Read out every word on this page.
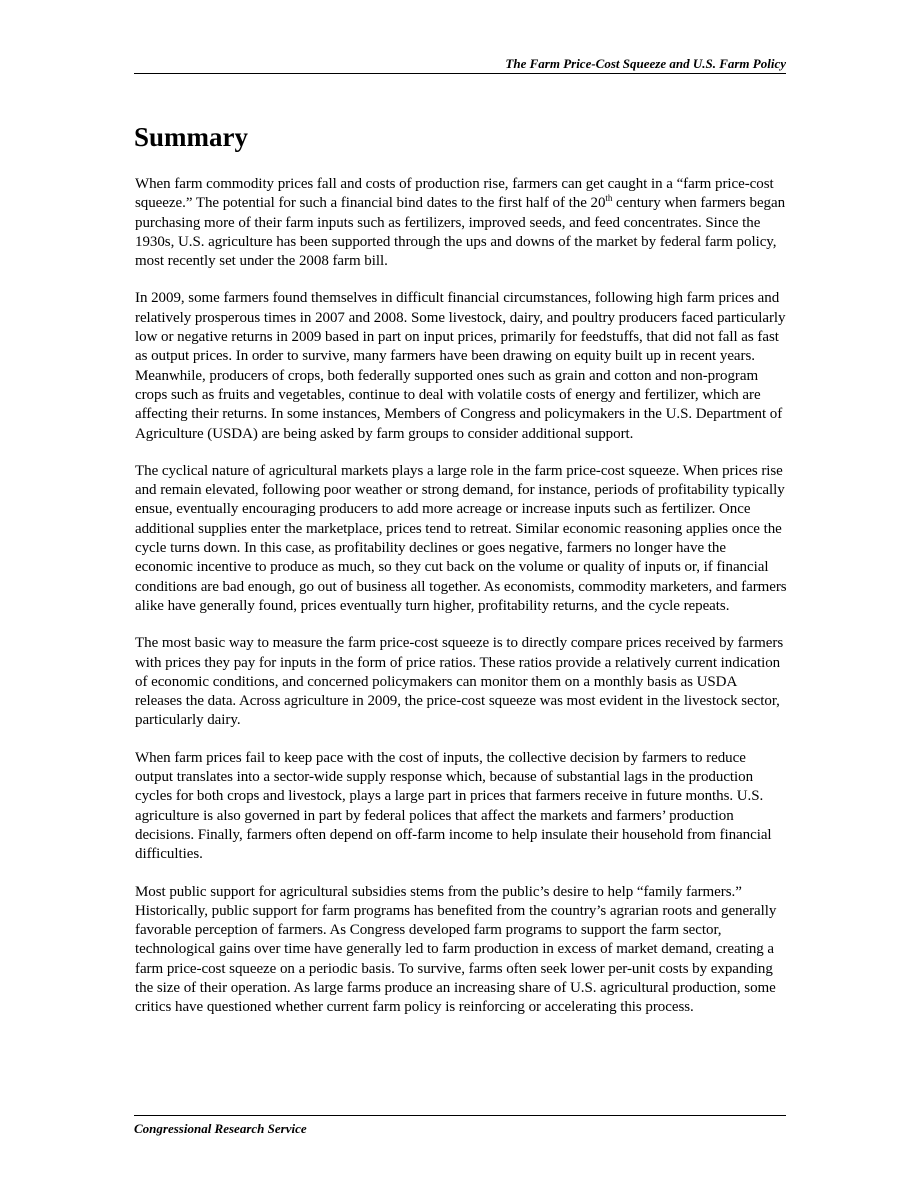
The Farm Price-Cost Squeeze and U.S. Farm Policy
Summary

When farm commodity prices fall and costs of production rise, farmers can get caught in a “farm price-cost squeeze.” The potential for such a financial bind dates to the first half of the 20th century when farmers began purchasing more of their farm inputs such as fertilizers, improved seeds, and feed concentrates. Since the 1930s, U.S. agriculture has been supported through the ups and downs of the market by federal farm policy, most recently set under the 2008 farm bill.

In 2009, some farmers found themselves in difficult financial circumstances, following high farm prices and relatively prosperous times in 2007 and 2008. Some livestock, dairy, and poultry producers faced particularly low or negative returns in 2009 based in part on input prices, primarily for feedstuffs, that did not fall as fast as output prices. In order to survive, many farmers have been drawing on equity built up in recent years. Meanwhile, producers of crops, both federally supported ones such as grain and cotton and non-program crops such as fruits and vegetables, continue to deal with volatile costs of energy and fertilizer, which are affecting their returns. In some instances, Members of Congress and policymakers in the U.S. Department of Agriculture (USDA) are being asked by farm groups to consider additional support.

The cyclical nature of agricultural markets plays a large role in the farm price-cost squeeze. When prices rise and remain elevated, following poor weather or strong demand, for instance, periods of profitability typically ensue, eventually encouraging producers to add more acreage or increase inputs such as fertilizer. Once additional supplies enter the marketplace, prices tend to retreat. Similar economic reasoning applies once the cycle turns down. In this case, as profitability declines or goes negative, farmers no longer have the economic incentive to produce as much, so they cut back on the volume or quality of inputs or, if financial conditions are bad enough, go out of business all together. As economists, commodity marketers, and farmers alike have generally found, prices eventually turn higher, profitability returns, and the cycle repeats.

The most basic way to measure the farm price-cost squeeze is to directly compare prices received by farmers with prices they pay for inputs in the form of price ratios. These ratios provide a relatively current indication of economic conditions, and concerned policymakers can monitor them on a monthly basis as USDA releases the data. Across agriculture in 2009, the price-cost squeeze was most evident in the livestock sector, particularly dairy.

When farm prices fail to keep pace with the cost of inputs, the collective decision by farmers to reduce output translates into a sector-wide supply response which, because of substantial lags in the production cycles for both crops and livestock, plays a large part in prices that farmers receive in future months. U.S. agriculture is also governed in part by federal polices that affect the markets and farmers’ production decisions. Finally, farmers often depend on off-farm income to help insulate their household from financial difficulties.

Most public support for agricultural subsidies stems from the public’s desire to help “family farmers.” Historically, public support for farm programs has benefited from the country’s agrarian roots and generally favorable perception of farmers. As Congress developed farm programs to support the farm sector, technological gains over time have generally led to farm production in excess of market demand, creating a farm price-cost squeeze on a periodic basis. To survive, farms often seek lower per-unit costs by expanding the size of their operation. As large farms produce an increasing share of U.S. agricultural production, some critics have questioned whether current farm policy is reinforcing or accelerating this process.

Congressional Research Service
